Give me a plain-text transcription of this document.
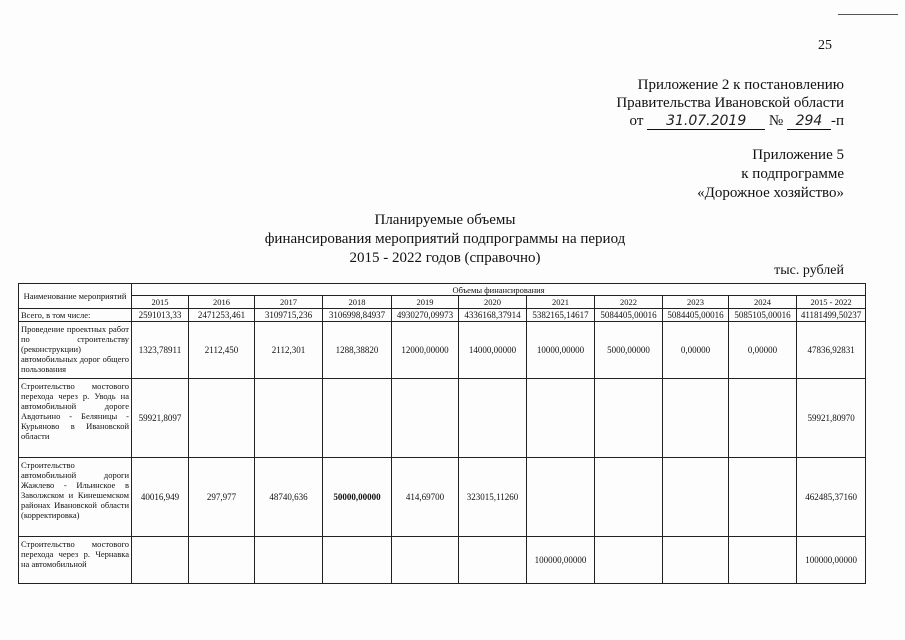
25
Приложение 2 к постановлению
Правительства Ивановской области
от 31.07.2019 № 294 -п
Приложение 5
к подпрограмме
«Дорожное хозяйство»
Планируемые объемы
финансирования мероприятий подпрограммы на период
2015 - 2022 годов (справочно)
тыс. рублей
Наименование мероприятий	Объемы финансирования										
	2015	2016	2017	2018	2019	2020	2021	2022	2023	2024	2015 - 2022
Всего, в том числе:	2591013,33	2471253,461	3109715,236	3106998,84937	4930270,09973	4336168,37914	5382165,14617	5084405,00016	5084405,00016	5085105,00016	41181499,50237
Проведение проектных работ по строительству (реконструкции) автомобильных дорог общего пользования	1323,78911	2112,450	2112,301	1288,38820	12000,00000	14000,00000	10000,00000	5000,00000	0,00000	0,00000	47836,92831
Строительство мостового перехода через р. Уводь на автомобильной дороге Авдотьино - Беляницы - Курьяново в Ивановской области	59921,8097										59921,80970
Строительство автомобильной дороги Жажлево - Ильинское в Заволжском и Кинешемском районах Ивановской области (корректировка)	40016,949	297,977	48740,636	50000,00000	414,69700	323015,11260					462485,37160
Строительство мостового перехода через р. Чернавка на автомобильной							100000,00000				100000,00000
